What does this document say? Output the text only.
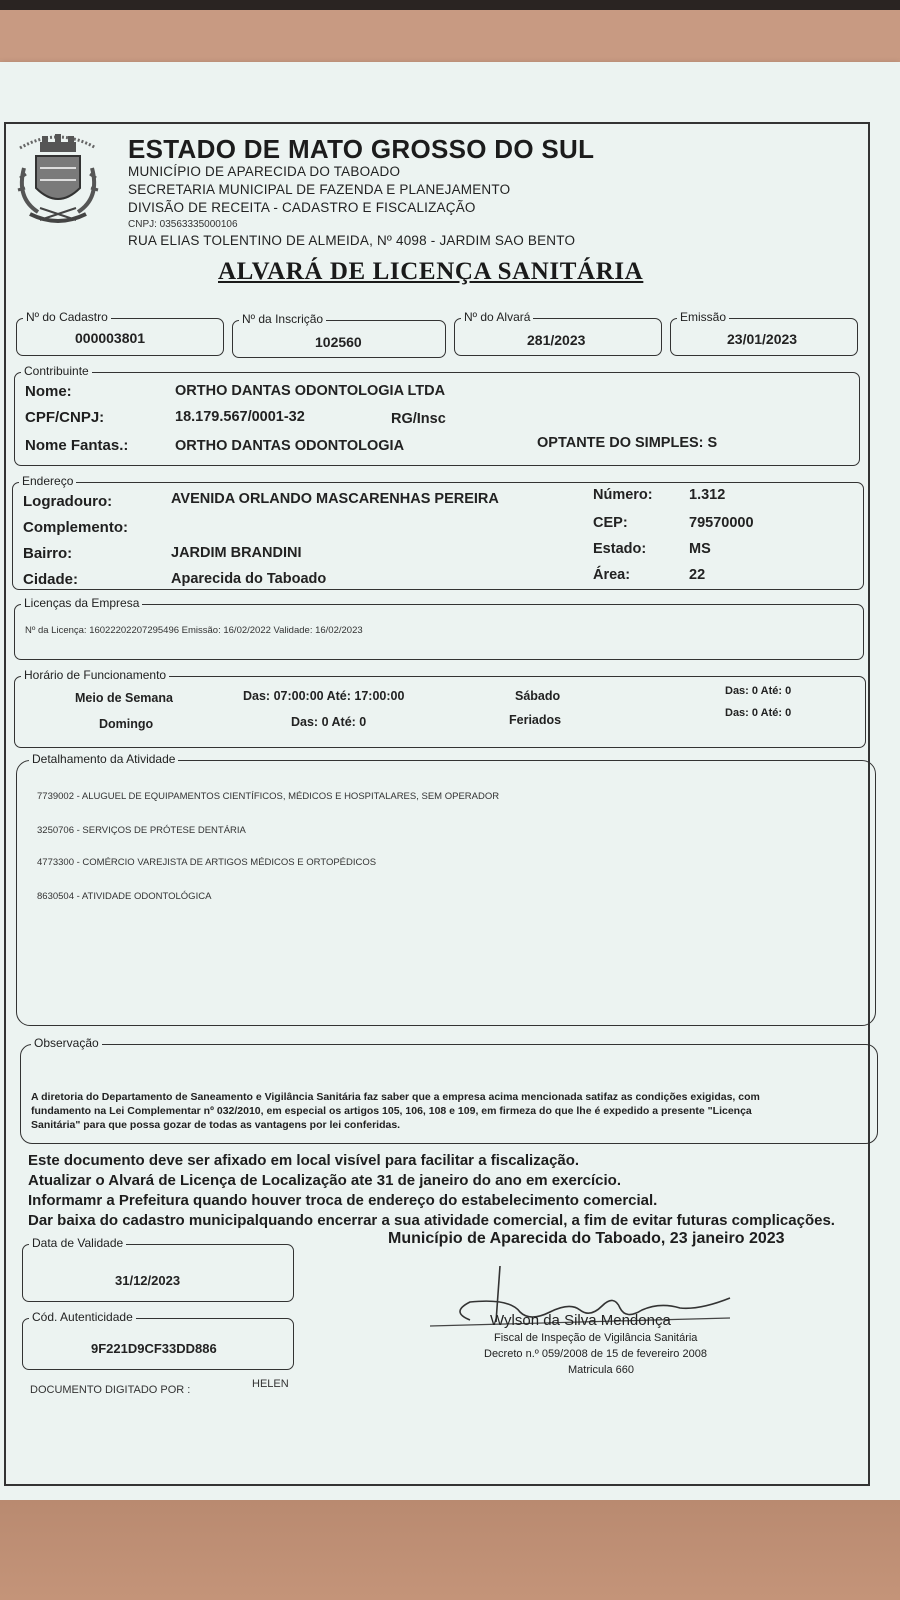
ESTADO DE MATO GROSSO DO SUL
MUNICÍPIO DE APARECIDA DO TABOADO
SECRETARIA MUNICIPAL DE FAZENDA E PLANEJAMENTO
DIVISÃO DE RECEITA - CADASTRO E FISCALIZAÇÃO
CNPJ: 03563335000106
RUA ELIAS TOLENTINO DE ALMEIDA, Nº 4098 - JARDIM SAO BENTO
ALVARÁ DE LICENÇA SANITÁRIA
Nº do Cadastro
000003801
Nº da Inscrição
102560
Nº do Alvará
281/2023
Emissão
23/01/2023
Contribuinte
Nome:	ORTHO DANTAS ODONTOLOGIA LTDA
CPF/CNPJ:	18.179.567/0001-32	RG/Insc
Nome Fantas.:	ORTHO DANTAS ODONTOLOGIA	OPTANTE DO SIMPLES: S
Endereço
Logradouro:	AVENIDA ORLANDO MASCARENHAS PEREIRA
Complemento:
Bairro:	JARDIM BRANDINI
Cidade:	Aparecida do Taboado
Número:	1.312
CEP:	79570000
Estado:	MS
Área:	22
Licenças da Empresa
Nº da Licença: 16022202207295496 Emissão: 16/02/2022 Validade: 16/02/2023
Horário de Funcionamento
Meio de Semana	Das: 07:00:00 Até: 17:00:00
Domingo	Das: 0 Até: 0
Sábado	Das: 0 Até: 0
Feriados	Das: 0 Até: 0
Detalhamento da Atividade
7739002 - ALUGUEL DE EQUIPAMENTOS CIENTÍFICOS, MÉDICOS E HOSPITALARES, SEM OPERADOR
3250706 - SERVIÇOS DE PRÓTESE DENTÁRIA
4773300 - COMÉRCIO VAREJISTA DE ARTIGOS MÉDICOS E ORTOPÉDICOS
8630504 - ATIVIDADE ODONTOLÓGICA
Observação
A diretoria do Departamento de Saneamento e Vigilância Sanitária faz saber que a empresa acima mencionada satifaz as condições exigidas, com
fundamento na Lei Complementar nº 032/2010, em especial os artigos 105, 106, 108 e 109, em firmeza do que lhe é expedido a presente "Licença
Sanitária" para que possa gozar de todas as vantagens por lei conferidas.
Este documento deve ser afixado em local visível para facilitar a fiscalização.
Atualizar o Alvará de Licença de Localização ate 31 de janeiro do ano em exercício.
Informamr a Prefeitura quando houver troca de endereço do estabelecimento comercial.
Dar baixa do cadastro municipalquando encerrar a sua atividade comercial, a fim de evitar futuras complicações.
Data de Validade
31/12/2023
Cód. Autenticidade
9F221D9CF33DD886
DOCUMENTO DIGITADO POR :	HELEN
Município de Aparecida do Taboado, 23 janeiro 2023
Wylson da Silva Mendonça
Fiscal de Inspeção de Vigilância Sanitária
Decreto n.º 059/2008 de 15 de fevereiro 2008
Matricula 660
